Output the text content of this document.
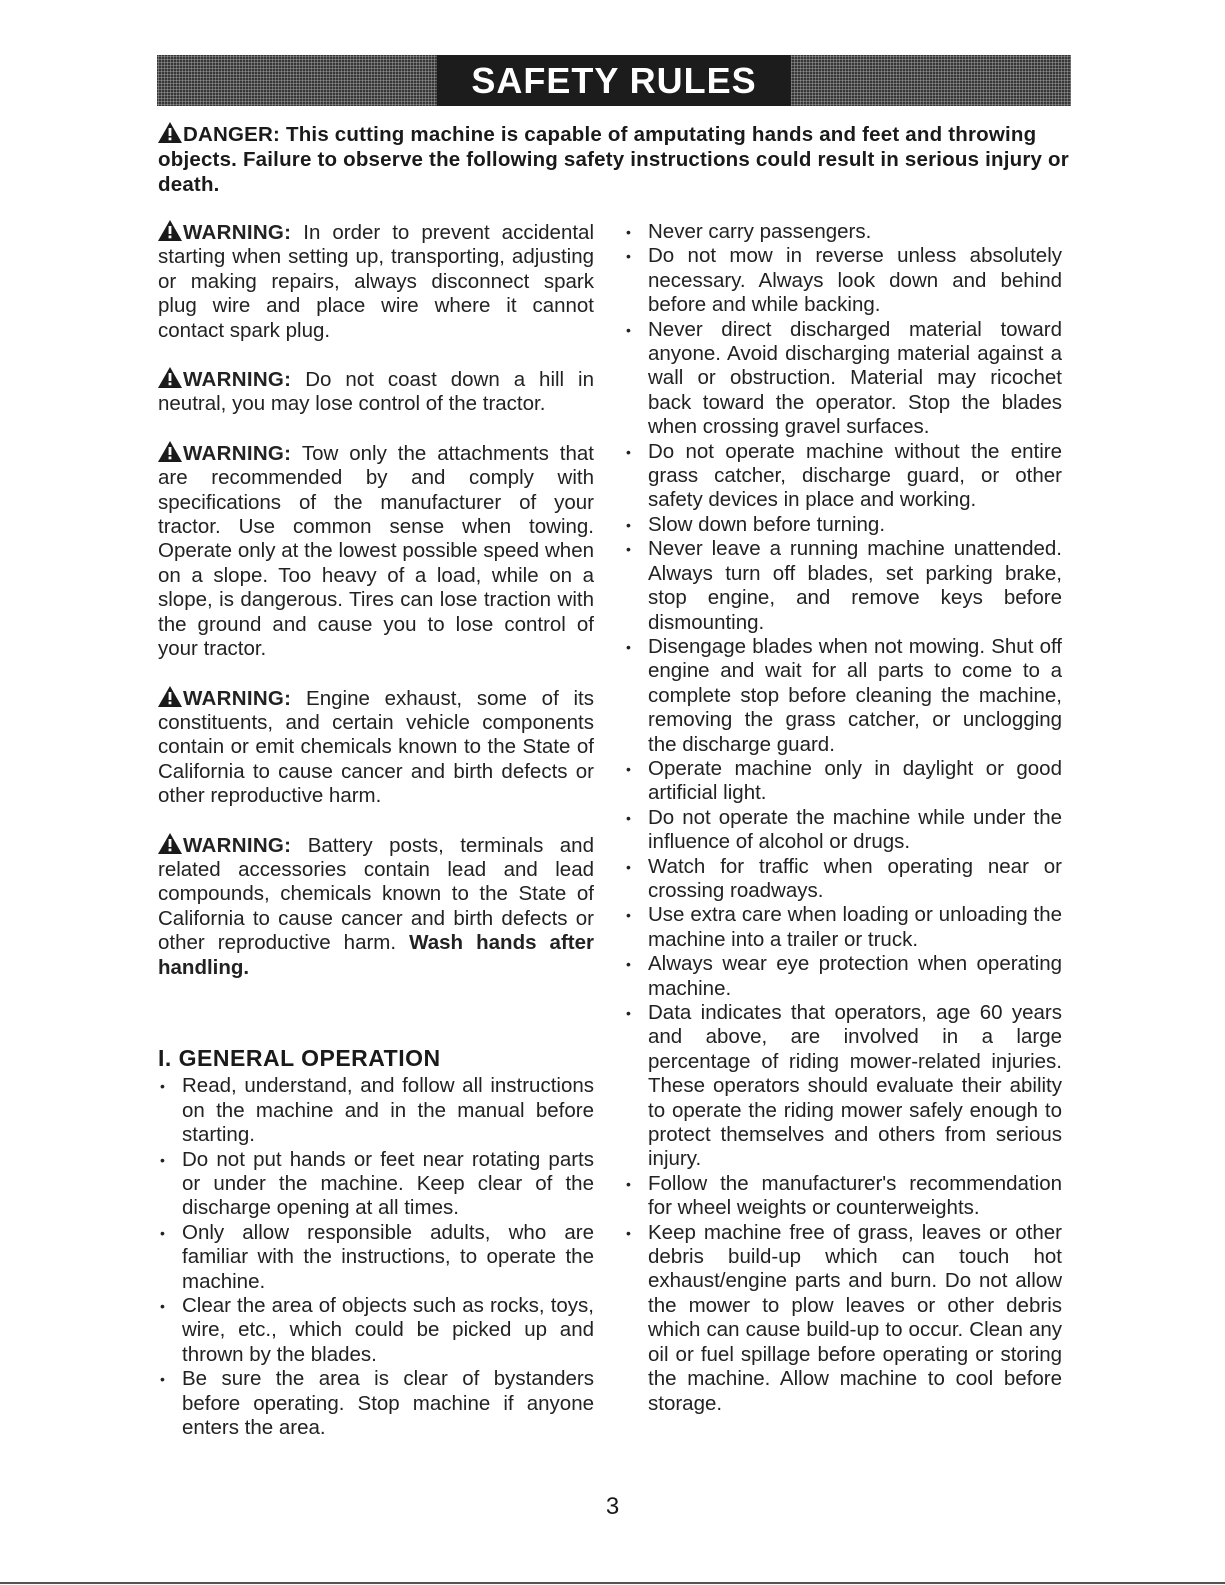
SAFETY RULES
DANGER: This cutting machine is capable of amputating hands and feet and throwing objects. Failure to observe the following safety instructions could result in serious injury or death.

WARNING: In order to prevent accidental starting when setting up, transporting, adjusting or making repairs, always disconnect spark plug wire and place wire where it cannot contact spark plug.

WARNING: Do not coast down a hill in neutral, you may lose control of the tractor.

WARNING: Tow only the attachments that are recommended by and comply with specifications of the manufacturer of your tractor. Use common sense when towing. Operate only at the lowest possible speed when on a slope. Too heavy of a load, while on a slope, is dangerous. Tires can lose traction with the ground and cause you to lose control of your tractor.

WARNING: Engine exhaust, some of its constituents, and certain vehicle components contain or emit chemicals known to the State of California to cause cancer and birth defects or other reproductive harm.

WARNING: Battery posts, terminals and related accessories contain lead and lead compounds, chemicals known to the State of California to cause cancer and birth defects or other reproductive harm. Wash hands after handling.

I. GENERAL OPERATION
• Read, understand, and follow all instructions on the machine and in the manual before starting.
• Do not put hands or feet near rotating parts or under the machine. Keep clear of the discharge opening at all times.
• Only allow responsible adults, who are familiar with the instructions, to operate the machine.
• Clear the area of objects such as rocks, toys, wire, etc., which could be picked up and thrown by the blades.
• Be sure the area is clear of bystanders before operating. Stop machine if anyone enters the area.
• Never carry passengers.
• Do not mow in reverse unless absolutely necessary. Always look down and behind before and while backing.
• Never direct discharged material toward anyone. Avoid discharging material against a wall or obstruction. Material may ricochet back toward the operator. Stop the blades when crossing gravel surfaces.
• Do not operate machine without the entire grass catcher, discharge guard, or other safety devices in place and working.
• Slow down before turning.
• Never leave a running machine unattended. Always turn off blades, set parking brake, stop engine, and remove keys before dismounting.
• Disengage blades when not mowing. Shut off engine and wait for all parts to come to a complete stop before cleaning the machine, removing the grass catcher, or unclogging the discharge guard.
• Operate machine only in daylight or good artificial light.
• Do not operate the machine while under the influence of alcohol or drugs.
• Watch for traffic when operating near or crossing roadways.
• Use extra care when loading or unloading the machine into a trailer or truck.
• Always wear eye protection when operating machine.
• Data indicates that operators, age 60 years and above, are involved in a large percentage of riding mower-related injuries. These operators should evaluate their ability to operate the riding mower safely enough to protect themselves and others from serious injury.
• Follow the manufacturer's recommendation for wheel weights or counterweights.
• Keep machine free of grass, leaves or other debris build-up which can touch hot exhaust/engine parts and burn. Do not allow the mower to plow leaves or other debris which can cause build-up to occur. Clean any oil or fuel spillage before operating or storing the machine. Allow machine to cool before storage.
3
